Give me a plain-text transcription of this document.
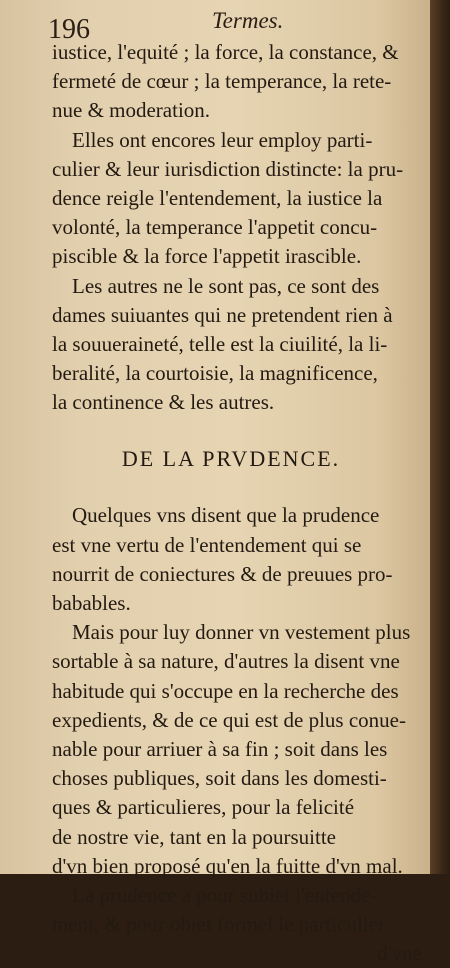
196	Termes.
iustice, l'equité ; la force, la constance, &
fermeté de cœur ; la temperance, la rete-
nue & moderation.
Elles ont encores leur employ parti-
culier & leur iurisdiction distincte: la pru-
dence reigle l'entendement, la iustice la
volonté, la temperance l'appetit concu-
piscible & la force l'appetit irascible.
Les autres ne le sont pas, ce sont des
dames suiuantes qui ne pretendent rien à
la souueraineté, telle est la ciuilité, la li-
beralité, la courtoisie, la magnificence,
la continence & les autres.
DE LA PRVDENCE.
Quelques vns disent que la prudence
est vne vertu de l'entendement qui se
nourrit de coniectures & de preuues pro-
babables.
Mais pour luy donner vn vestement plus
sortable à sa nature, d'autres la disent vne
habitude qui s'occupe en la recherche des
expedients, & de ce qui est de plus conue-
nable pour arriuer à sa fin ; soit dans les
choses publiques, soit dans les domesti-
ques & particulieres, pour la felicité
de nostre vie, tant en la poursuitte
d'vn bien proposé qu'en la fuitte d'vn mal.
La prudence a pour subiet l'entende-
ment, & pour obiet formel le particulier
d'vne
